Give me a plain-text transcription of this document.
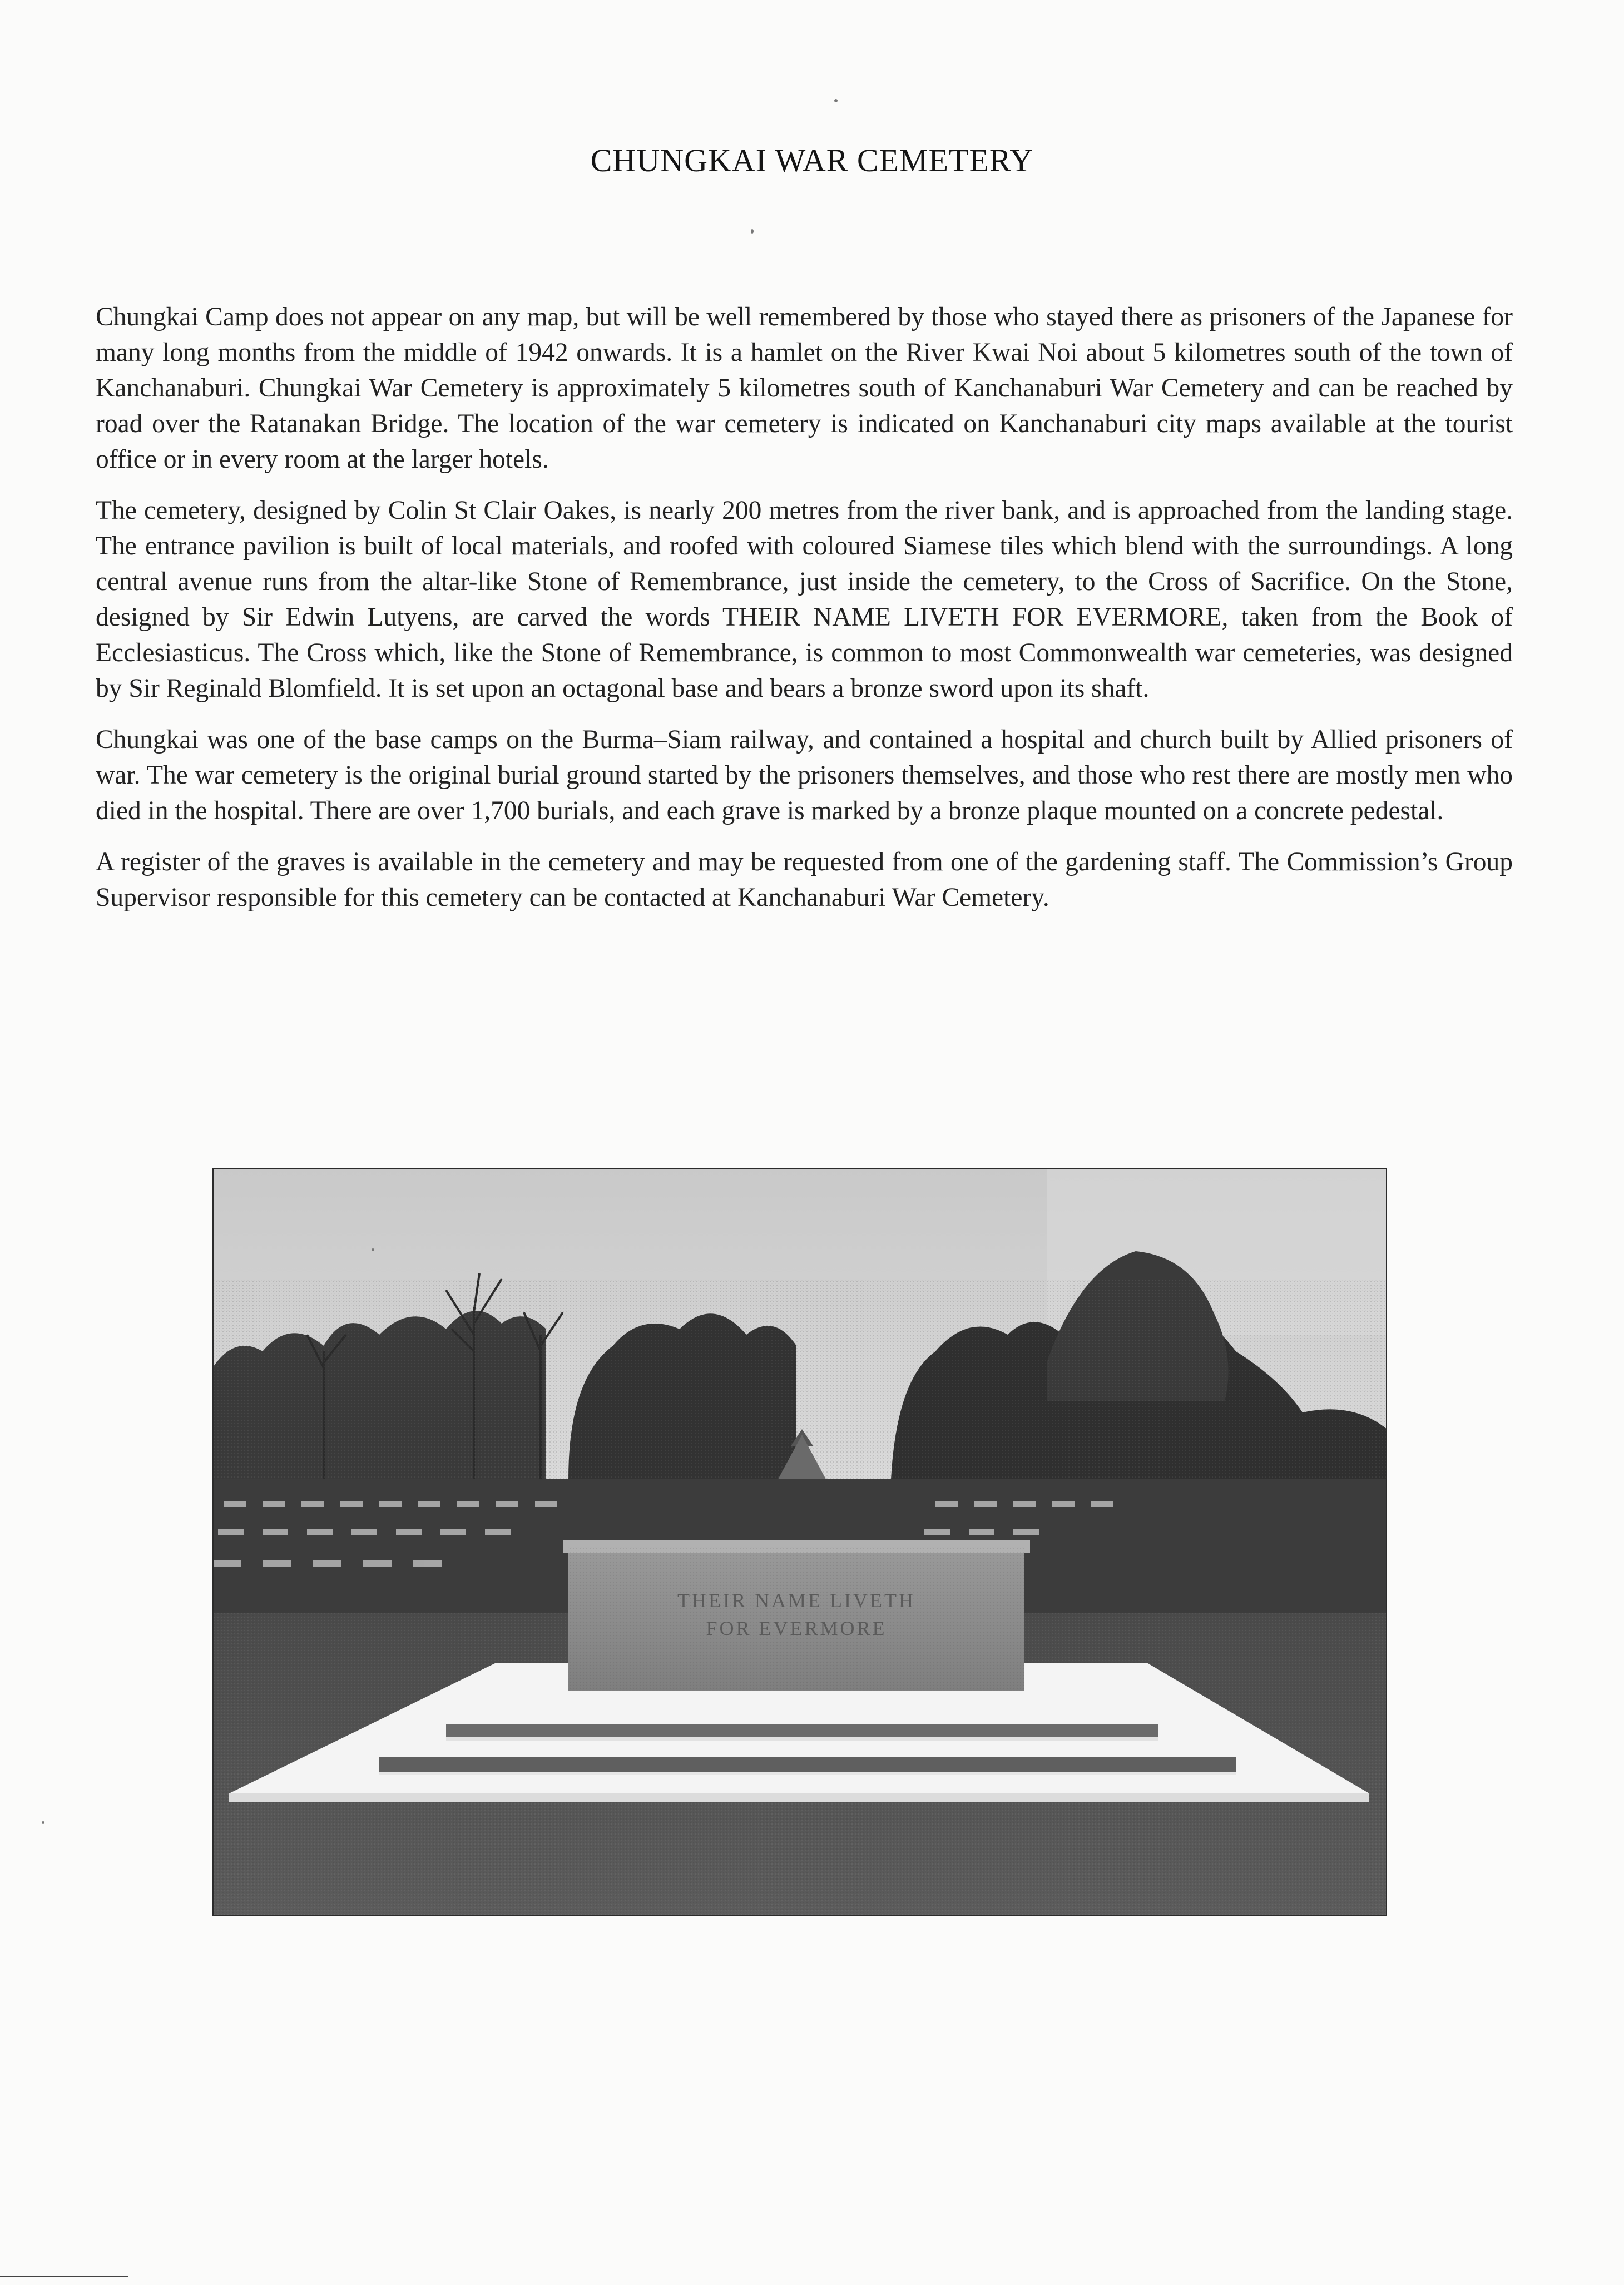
CHUNGKAI WAR CEMETERY

Chungkai Camp does not appear on any map, but will be well remembered by those who stayed there as prisoners of the Japanese for many long months from the middle of 1942 onwards. It is a hamlet on the River Kwai Noi about 5 kilometres south of the town of Kanchanaburi. Chungkai War Cemetery is approximately 5 kilometres south of Kanchanaburi War Cemetery and can be reached by road over the Ratanakan Bridge. The location of the war cemetery is indicated on Kanchanaburi city maps available at the tourist office or in every room at the larger hotels.

The cemetery, designed by Colin St Clair Oakes, is nearly 200 metres from the river bank, and is approached from the landing stage. The entrance pavilion is built of local materials, and roofed with coloured Siamese tiles which blend with the surroundings. A long central avenue runs from the altar-like Stone of Remembrance, just inside the cemetery, to the Cross of Sacrifice. On the Stone, designed by Sir Edwin Lutyens, are carved the words THEIR NAME LIVETH FOR EVERMORE, taken from the Book of Ecclesiasticus. The Cross which, like the Stone of Remembrance, is common to most Commonwealth war cemeteries, was designed by Sir Reginald Blomfield. It is set upon an octagonal base and bears a bronze sword upon its shaft.

Chungkai was one of the base camps on the Burma–Siam railway, and contained a hospital and church built by Allied prisoners of war. The war cemetery is the original burial ground started by the prisoners themselves, and those who rest there are mostly men who died in the hospital. There are over 1,700 burials, and each grave is marked by a bronze plaque mounted on a concrete pedestal.

A register of the graves is available in the cemetery and may be requested from one of the gardening staff. The Commission’s Group Supervisor responsible for this cemetery can be contacted at Kanchanaburi War Cemetery.

THEIR NAME LIVETH
FOR EVERMORE
